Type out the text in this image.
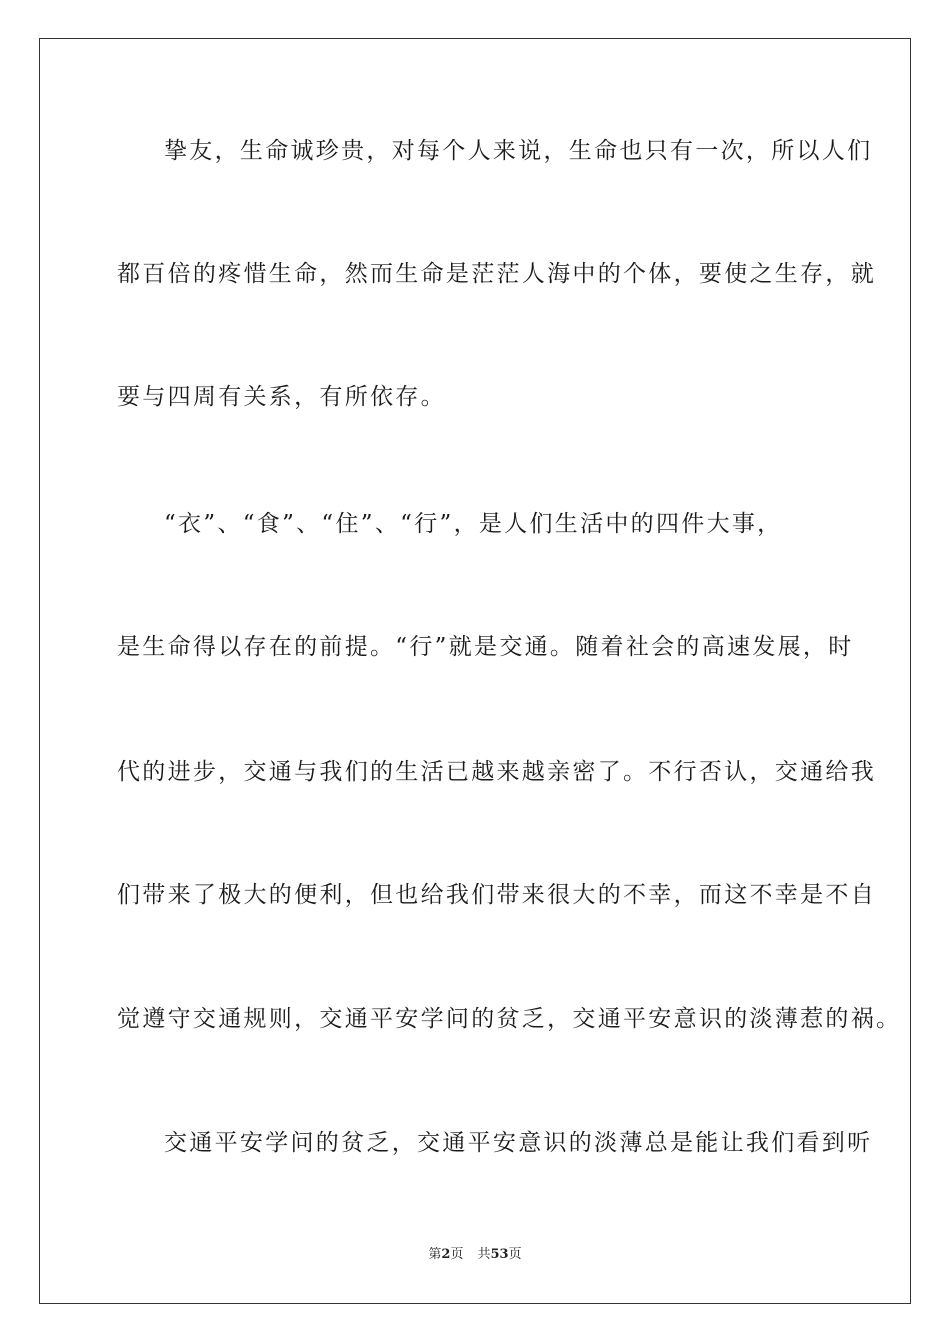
挚友，生命诚珍贵，对每个人来说，生命也只有一次，所以人们
都百倍的疼惜生命，然而生命是茫茫人海中的个体，要使之生存，就
要与四周有关系，有所依存。
“衣”、“食”、“住”、“行”，是人们生活中的四件大事，
是生命得以存在的前提。“行”就是交通。随着社会的高速发展，时
代的进步，交通与我们的生活已越来越亲密了。不行否认，交通给我
们带来了极大的便利，但也给我们带来很大的不幸，而这不幸是不自
觉遵守交通规则，交通平安学问的贫乏，交通平安意识的淡薄惹的祸。
交通平安学问的贫乏，交通平安意识的淡薄总是能让我们看到听
第2页 共53页
